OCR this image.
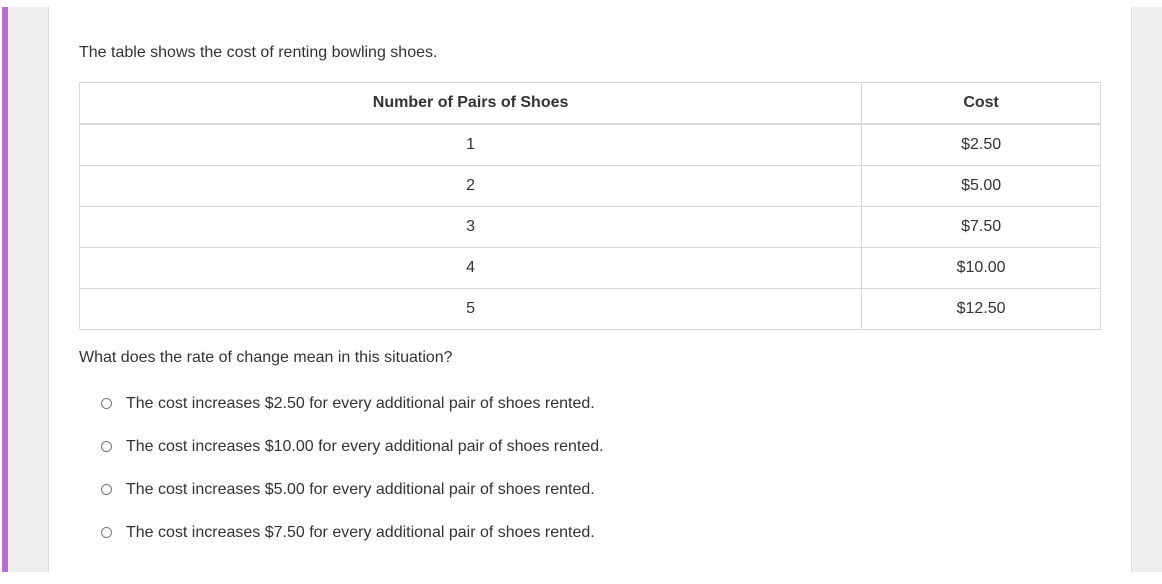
The table shows the cost of renting bowling shoes.
Number of Pairs of Shoes	Cost
1	$2.50
2	$5.00
3	$7.50
4	$10.00
5	$12.50
What does the rate of change mean in this situation?
The cost increases $2.50 for every additional pair of shoes rented.
The cost increases $10.00 for every additional pair of shoes rented.
The cost increases $5.00 for every additional pair of shoes rented.
The cost increases $7.50 for every additional pair of shoes rented.
